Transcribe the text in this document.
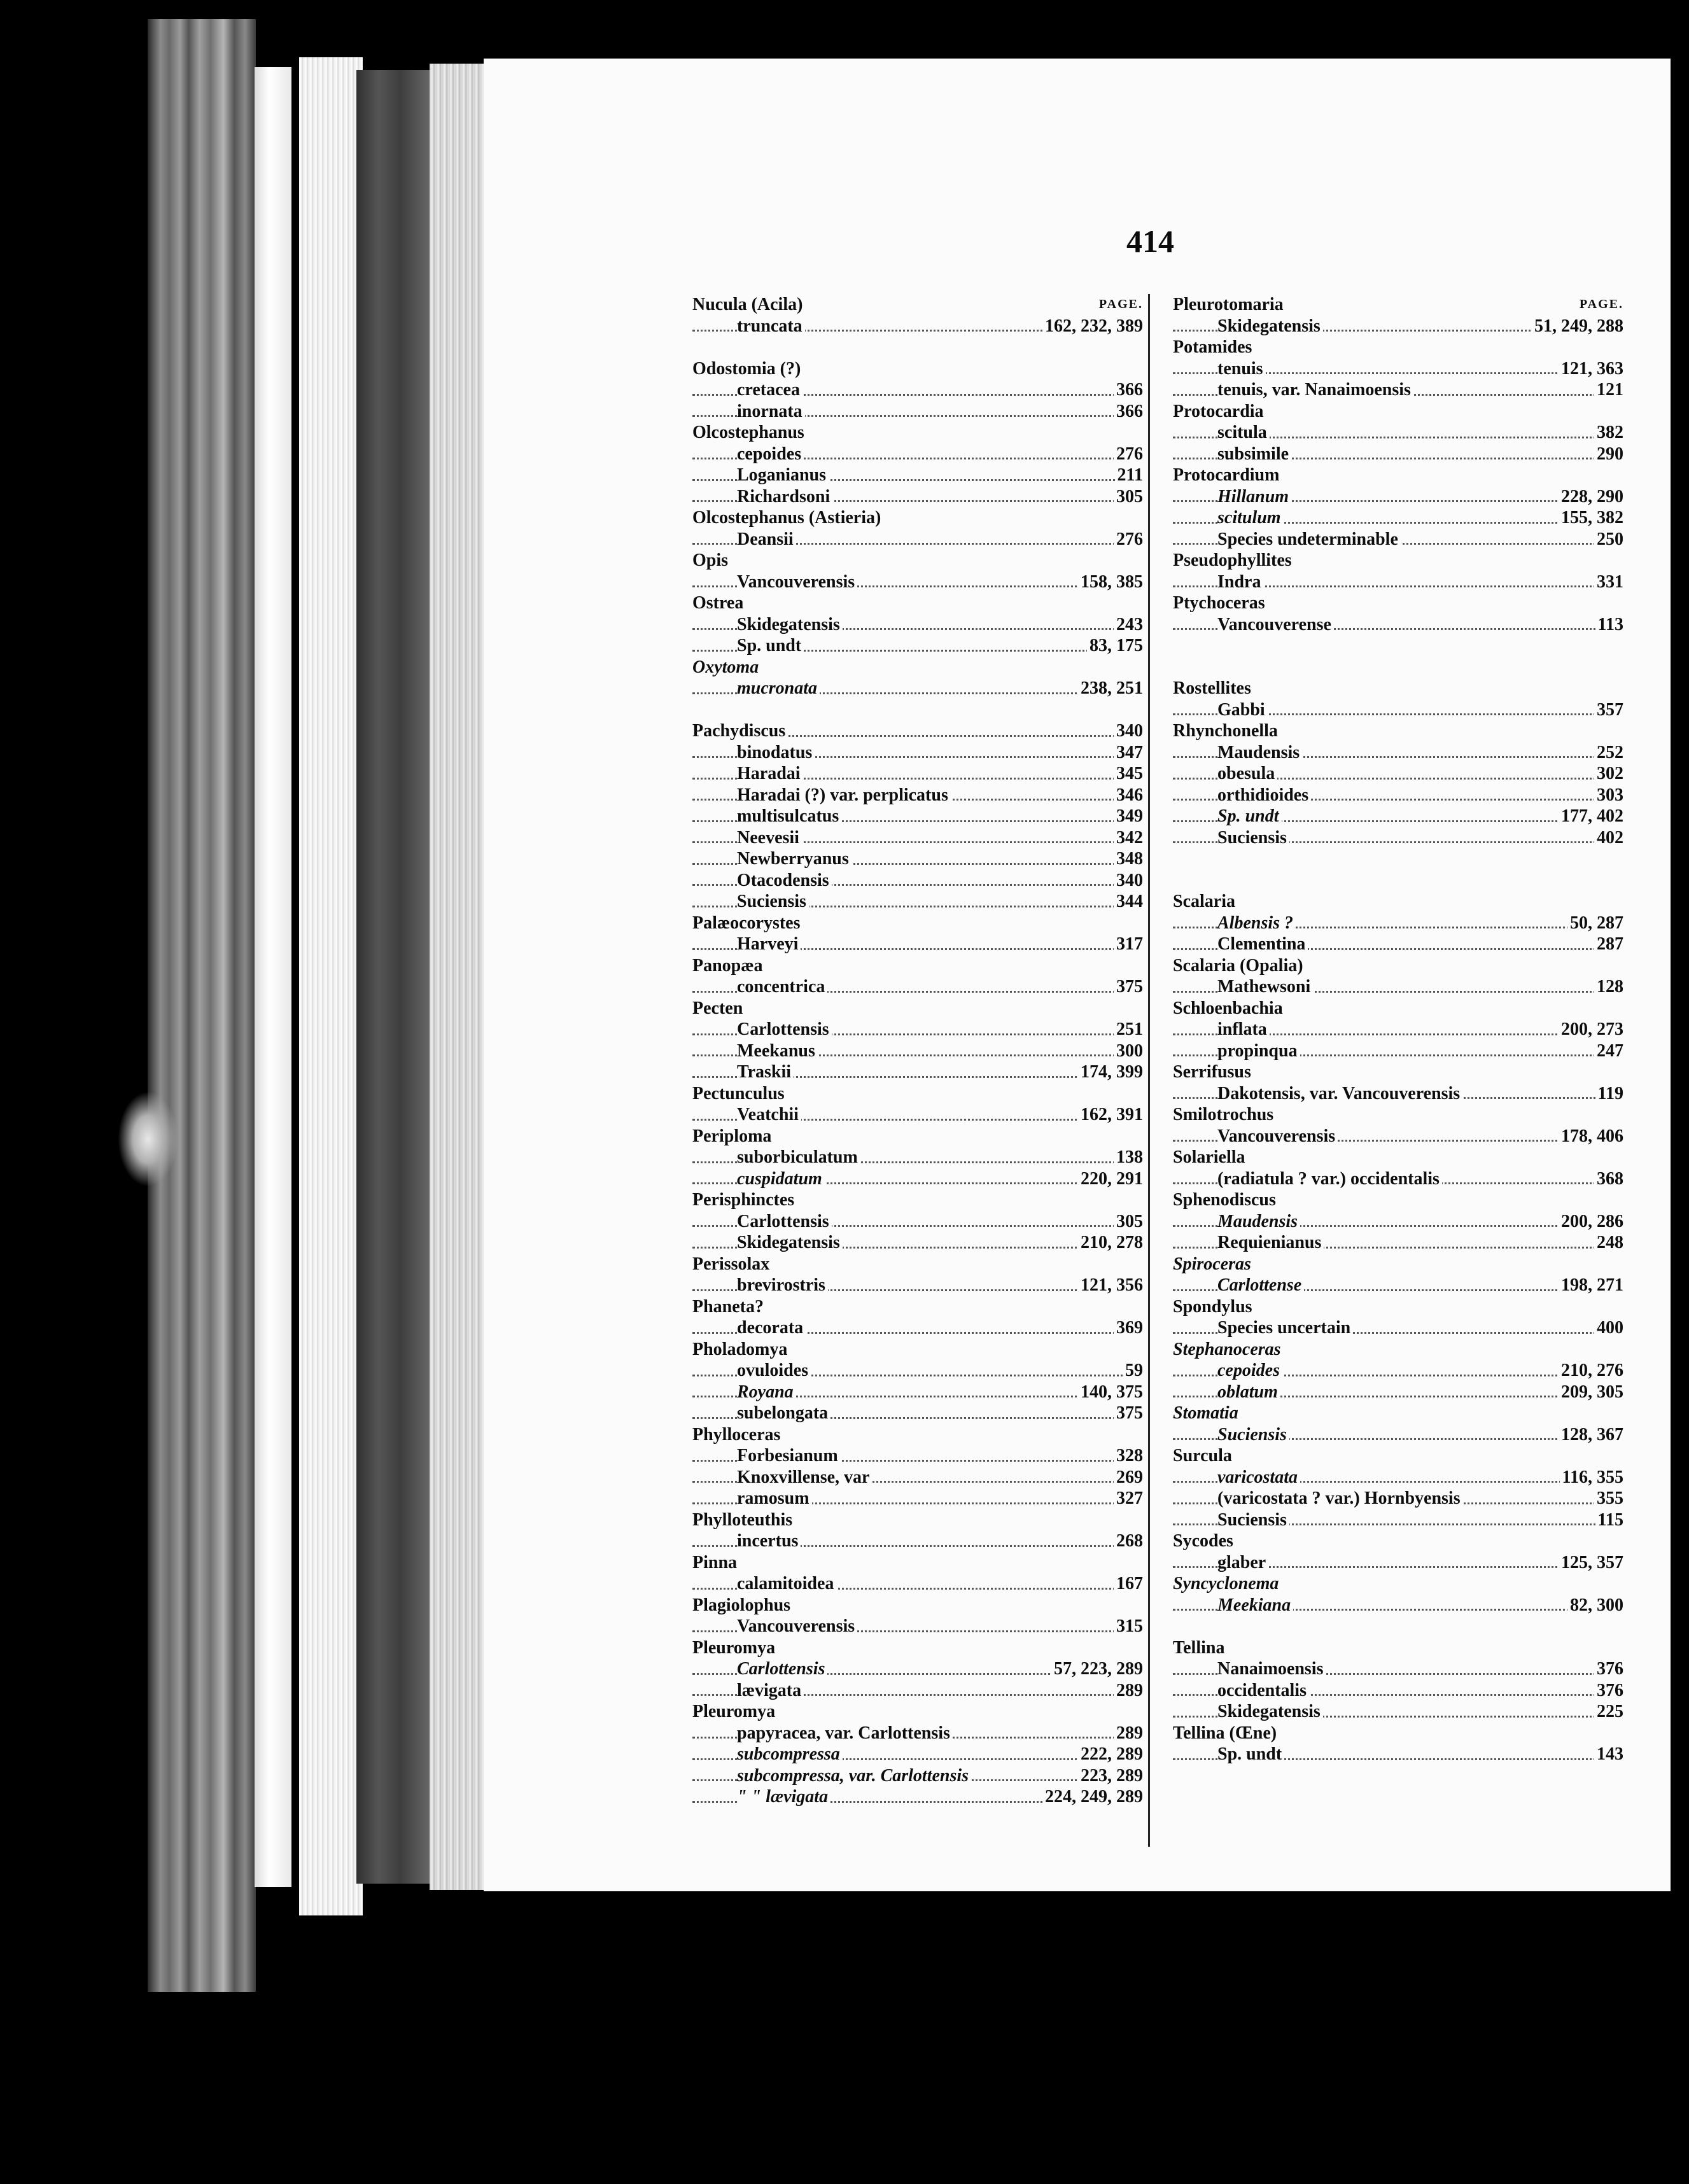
414
Nucula (Acila)	PAGE.
truncata	162, 232, 389
Odostomia (?)
cretacea	366
inornata	366
Olcostephanus
cepoides	276
Loganianus	211
Richardsoni	305
Olcostephanus (Astieria)
Deansii	276
Opis
Vancouverensis	158, 385
Ostrea
Skidegatensis	243
Sp. undt	83, 175
Oxytoma
mucronata	238, 251
Pachydiscus	340
binodatus	347
Haradai	345
Haradai (?) var. perplicatus	346
multisulcatus	349
Neevesii	342
Newberryanus	348
Otacodensis	340
Suciensis	344
Palæocorystes
Harveyi	317
Panopæa
concentrica	375
Pecten
Carlottensis	251
Meekanus	300
Traskii	174, 399
Pectunculus
Veatchii	162, 391
Periploma
suborbiculatum	138
cuspidatum	220, 291
Perisphinctes
Carlottensis	305
Skidegatensis	210, 278
Perissolax
brevirostris	121, 356
Phaneta?
decorata	369
Pholadomya
ovuloides	59
Royana	140, 375
subelongata	375
Phylloceras
Forbesianum	328
Knoxvillense, var	269
ramosum	327
Phylloteuthis
incertus	268
Pinna
calamitoidea	167
Plagiolophus
Vancouverensis	315
Pleuromya
Carlottensis	57, 223, 289
lævigata	289
Pleuromya
papyracea, var. Carlottensis	289
subcompressa	222, 289
subcompressa, var. Carlottensis	223, 289
" " lævigata	224, 249, 289
Pleurotomaria	PAGE.
Skidegatensis	51, 249, 288
Potamides
tenuis	121, 363
tenuis, var. Nanaimoensis	121
Protocardia
scitula	382
subsimile	290
Protocardium
Hillanum	228, 290
scitulum	155, 382
Species undeterminable	250
Pseudophyllites
Indra	331
Ptychoceras
Vancouverense	113
Rostellites
Gabbi	357
Rhynchonella
Maudensis	252
obesula	302
orthidioides	303
Sp. undt	177, 402
Suciensis	402
Scalaria
Albensis ?	50, 287
Clementina	287
Scalaria (Opalia)
Mathewsoni	128
Schloenbachia
inflata	200, 273
propinqua	247
Serrifusus
Dakotensis, var. Vancouverensis	119
Smilotrochus
Vancouverensis	178, 406
Solariella
(radiatula ? var.) occidentalis	368
Sphenodiscus
Maudensis	200, 286
Requienianus	248
Spiroceras
Carlottense	198, 271
Spondylus
Species uncertain	400
Stephanoceras
cepoides	210, 276
oblatum	209, 305
Stomatia
Suciensis	128, 367
Surcula
varicostata	116, 355
(varicostata ? var.) Hornbyensis	355
Suciensis	115
Sycodes
glaber	125, 357
Syncyclonema
Meekiana	82, 300
Tellina
Nanaimoensis	376
occidentalis	376
Skidegatensis	225
Tellina (Œne)
Sp. undt	143
